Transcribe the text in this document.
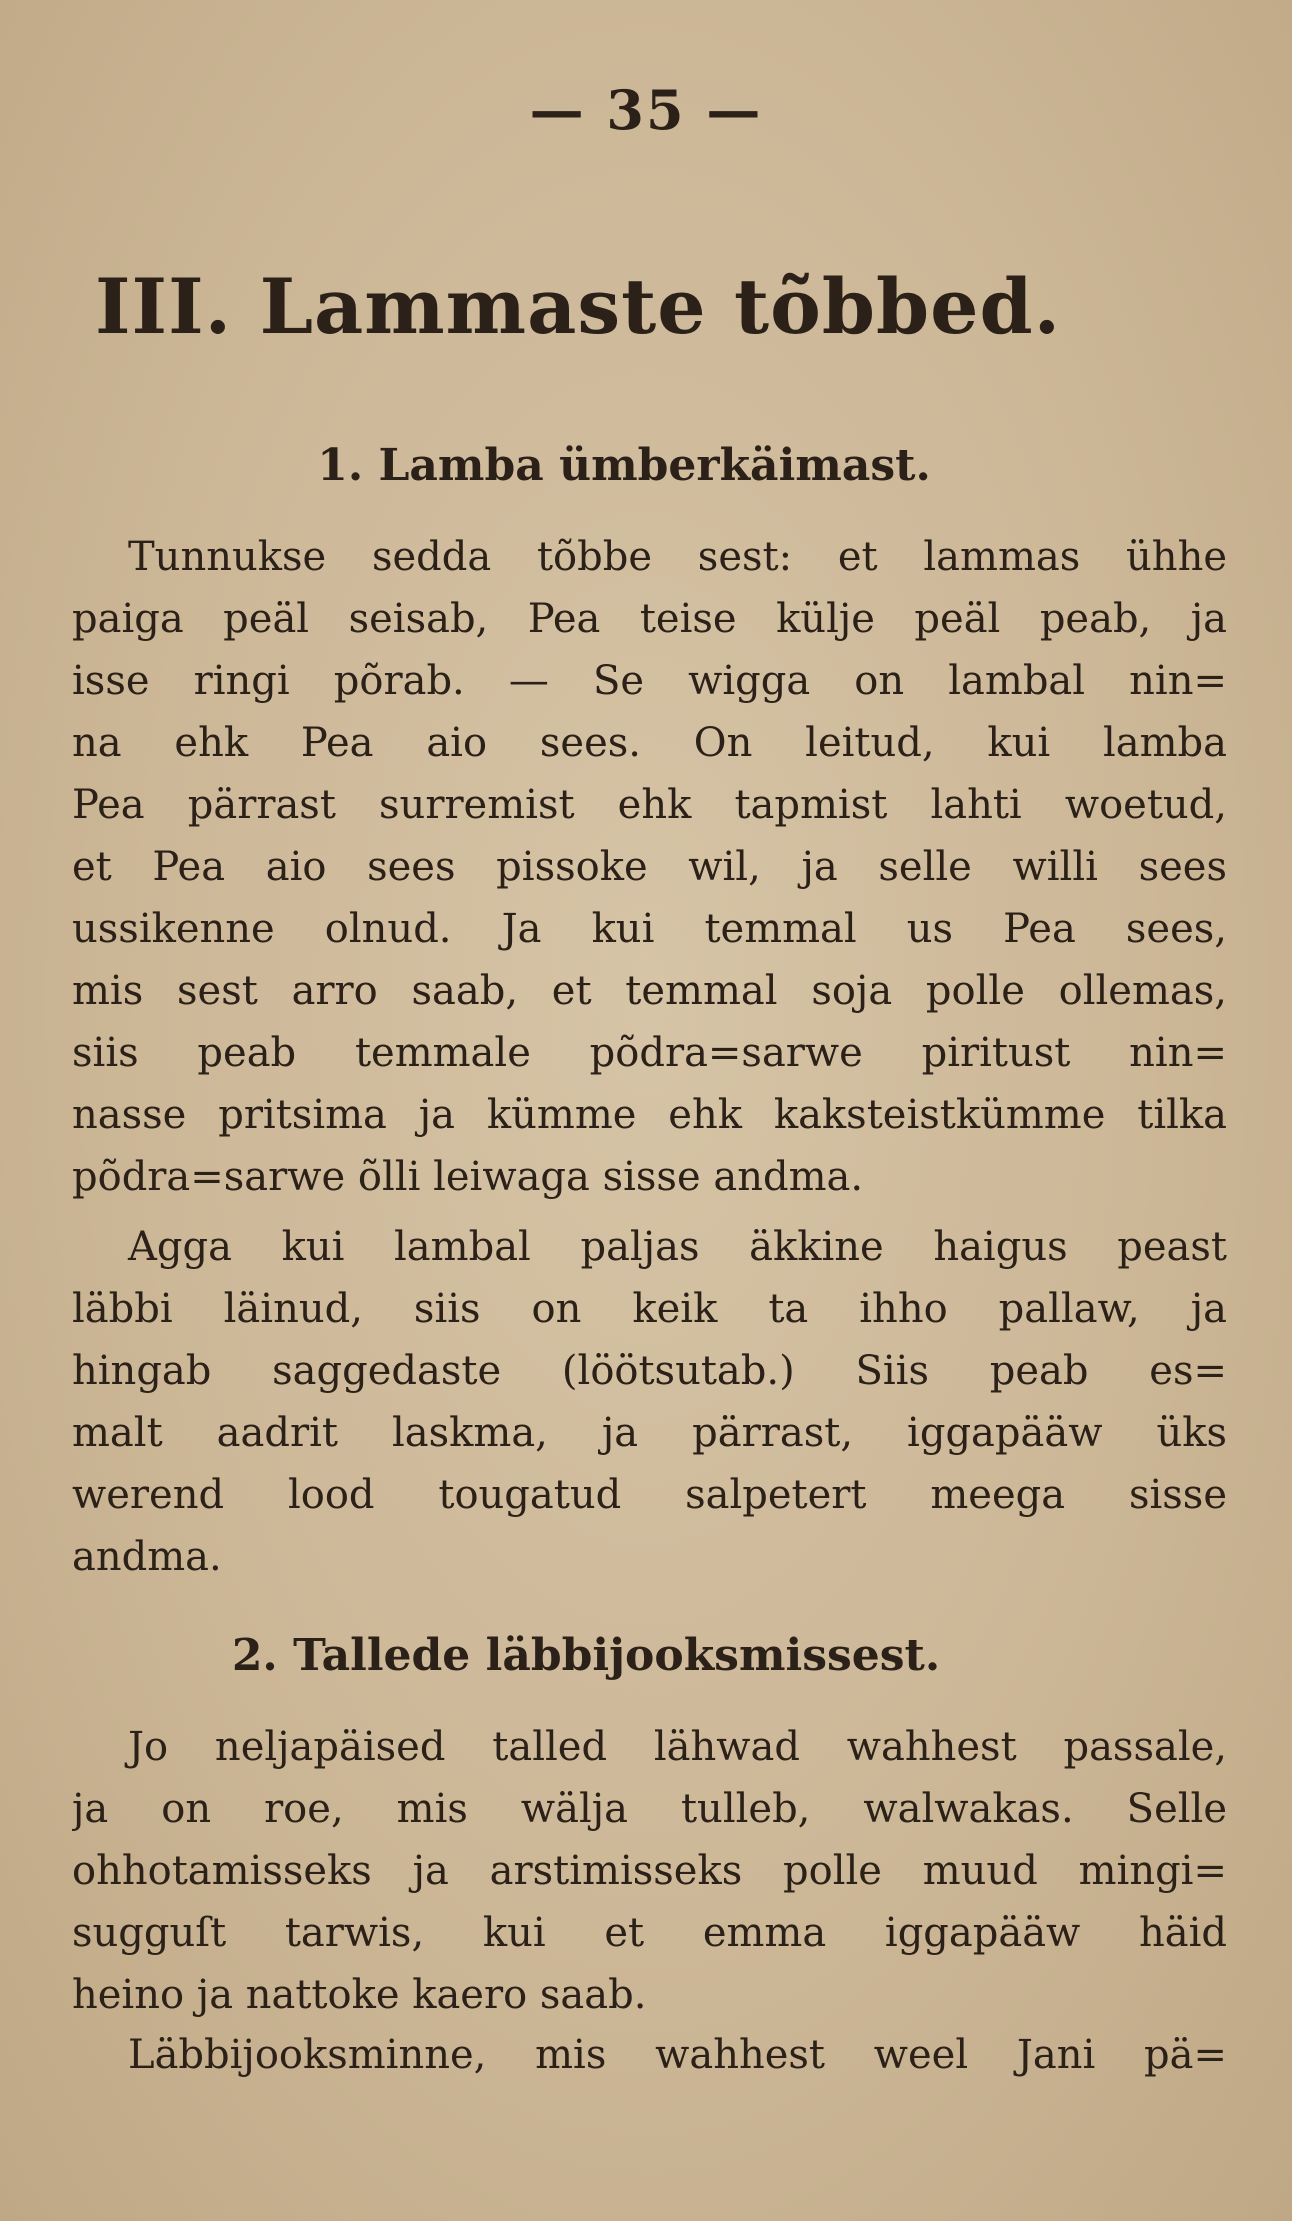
— 35 —
III. Lammaste tõbbed.
1. Lamba ümberkäimast.
Tunnukse sedda tõbbe sest: et lammas ühhe
paiga peäl seisab, Pea teise külje peäl peab, ja
isse ringi põrab. — Se wigga on lambal nin=
na ehk Pea aio sees. On leitud, kui lamba
Pea pärrast surremist ehk tapmist lahti woetud,
et Pea aio sees pissoke wil, ja selle willi sees
ussikenne olnud. Ja kui temmal us Pea sees,
mis sest arro saab, et temmal soja polle ollemas,
siis peab temmale põdra=sarwe piritust nin=
nasse pritsima ja kümme ehk kaksteistkümme tilka
põdra=sarwe õlli leiwaga sisse andma.
Agga kui lambal paljas äkkine haigus peast
läbbi läinud, siis on keik ta ihho pallaw, ja
hingab saggedaste (löötsutab.) Siis peab es=
malt aadrit laskma, ja pärrast, iggapääw üks
werend lood tougatud salpetert meega sisse
andma.
2. Tallede läbbijooksmissest.
Jo neljapäised talled lähwad wahhest passale,
ja on roe, mis wälja tulleb, walwakas. Selle
ohhotamisseks ja arstimisseks polle muud mingi=
sugguſt tarwis, kui et emma iggapääw häid
heino ja nattoke kaero saab.
Läbbijooksminne, mis wahhest weel Jani pä=
